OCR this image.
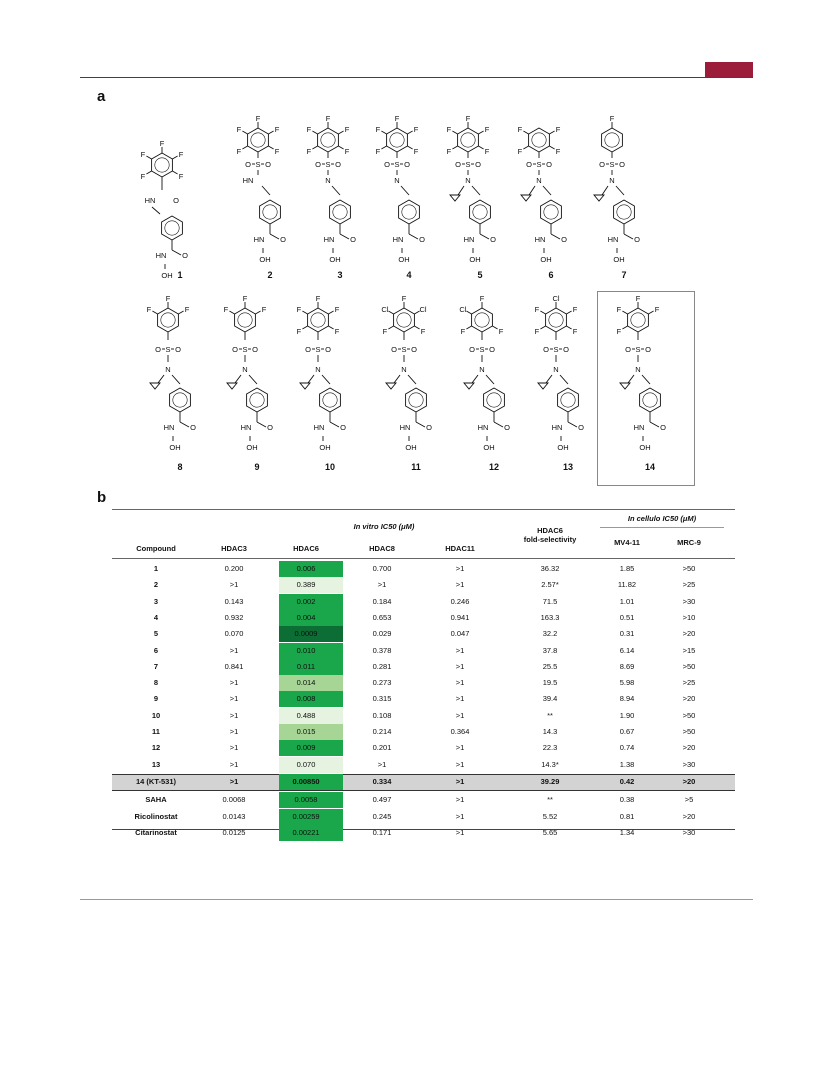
a
b
F
F
F
F
F
O S O
HN
O
HN
OH
2
F
F
F
F
F
O S O
N
O
HN
OH
3
F
F
F
F
F
O S O
N
O
HN
OH
4
F
F
F
F
F
O S O
N
O
HN
OH
5
F
F
F
F
O S O
N
O
HN
OH
6
F
O S O
N
O
HN
OH
7
F
F
F
F
F
HN O
O
HN
OH 1
F
F
F
O S O
N
O
HN
OH
8
F
F
F
O S O
N
O
HN
OH
9
F
F
F
F
F
O S O
N
O
HN
OH
10
F
Cl
F
F
Cl
O S O
N
O
HN
OH
11
F
F
F
Cl
O S O
N
O
HN
OH
12
Cl
F
F
F
F
O S O
N
O
HN
OH
13
F
F
F
F
O S O
N
O
HN
OH
14
In vitro IC50 (μM)
In cellulo IC50 (μM)
HDAC6
fold-selectivity	MV4-11	MRC-9
Compound	HDAC3	HDAC6	HDAC8	HDAC11
1	0.200	0.006	0.700	>1	36.32	1.85	>50
2	>1	0.389	>1	>1	2.57*	11.82	>25
3	0.143	0.002	0.184	0.246	71.5	1.01	>30
4	0.932	0.004	0.653	0.941	163.3	0.51	>10
5	0.070	0.0009	0.029	0.047	32.2	0.31	>20
6	>1	0.010	0.378	>1	37.8	6.14	>15
7	0.841	0.011	0.281	>1	25.5	8.69	>50
8	>1	0.014	0.273	>1	19.5	5.98	>25
9	>1	0.008	0.315	>1	39.4	8.94	>20
10	>1	0.488	0.108	>1	**	1.90	>50
11	>1	0.015	0.214	0.364	14.3	0.67	>50
12	>1	0.009	0.201	>1	22.3	0.74	>20
13	>1	0.070	>1	>1	14.3*	1.38	>30
14 (KT-531)	>1	0.00850	0.334	>1	39.29	0.42	>20
SAHA	0.0068	0.0058	0.497	>1	**	0.38	>5
Ricolinostat	0.0143	0.00259	0.245	>1	5.52	0.81	>20
Citarinostat	0.0125	0.00221	0.171	>1	5.65	1.34	>30
